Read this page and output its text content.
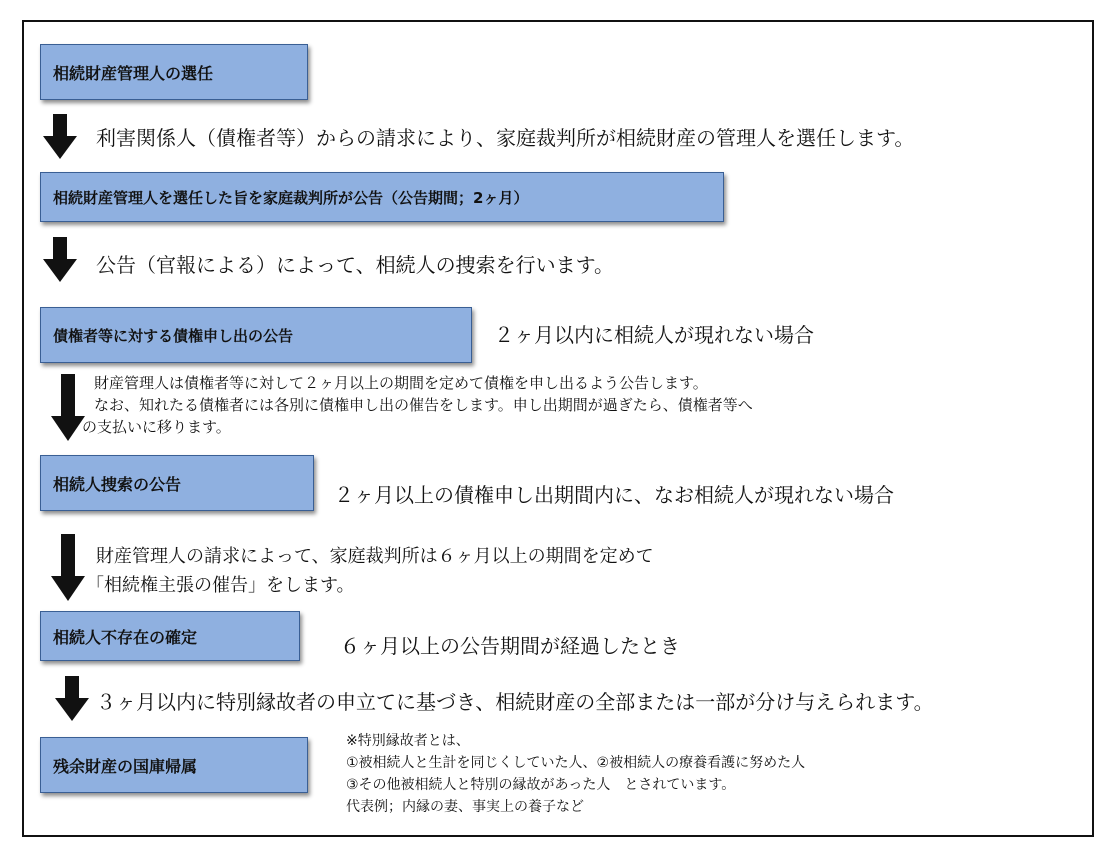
相続財産管理人の選任
利害関係人（債権者等）からの請求により、家庭裁判所が相続財産の管理人を選任します。
相続財産管理人を選任した旨を家庭裁判所が公告（公告期間；2ヶ月）
公告（官報による）によって、相続人の捜索を行います。
債権者等に対する債権申し出の公告	２ヶ月以内に相続人が現れない場合
財産管理人は債権者等に対して２ヶ月以上の期間を定めて債権を申し出るよう公告します。
なお、知れたる債権者には各別に債権申し出の催告をします。申し出期間が過ぎたら、債権者等へ
の支払いに移ります。
相続人捜索の公告	２ヶ月以上の債権申し出期間内に、なお相続人が現れない場合
財産管理人の請求によって、家庭裁判所は６ヶ月以上の期間を定めて
「相続権主張の催告」をします。
相続人不存在の確定	６ヶ月以上の公告期間が経過したとき
３ヶ月以内に特別縁故者の申立てに基づき、相続財産の全部または一部が分け与えられます。
残余財産の国庫帰属
※特別縁故者とは、
①被相続人と生計を同じくしていた人、②被相続人の療養看護に努めた人
③その他被相続人と特別の縁故があった人　とされています。
代表例；内縁の妻、事実上の養子など
